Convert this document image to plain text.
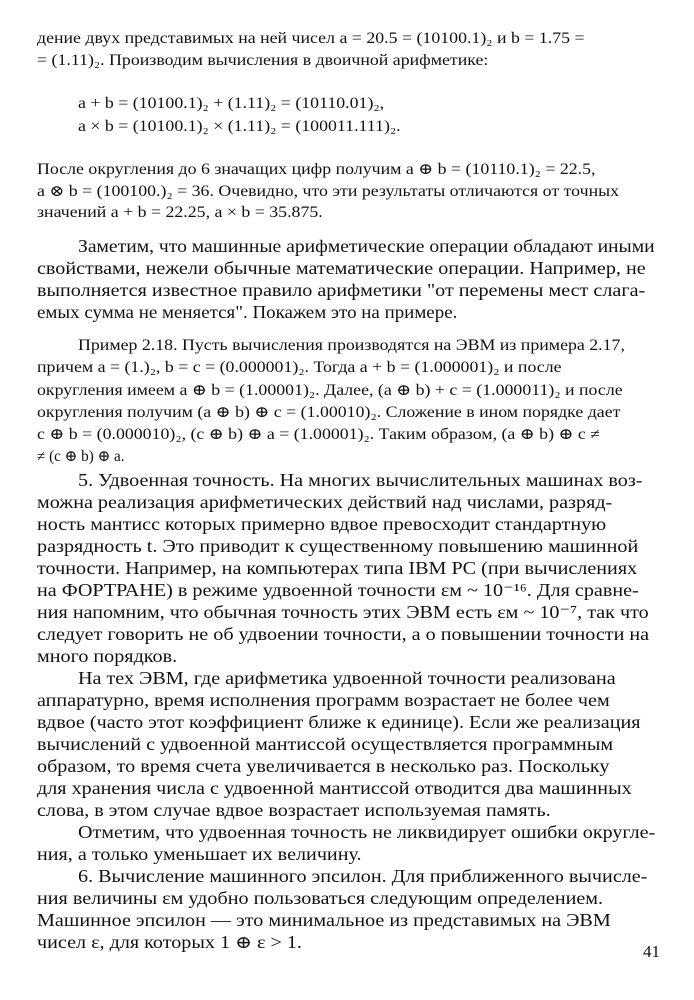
дение двух представимых на ней чисел a = 20.5 = (10100.1)₂ и b = 1.75 =

= (1.11)₂. Производим вычисления в двоичной арифметике:

a + b = (10100.1)₂ + (1.11)₂ = (10110.01)₂,

a × b = (10100.1)₂ × (1.11)₂ = (100011.111)₂.

После округления до 6 значащих цифр получим a ⊕ b = (10110.1)₂ = 22.5,

a ⊗ b = (100100.)₂ = 36. Очевидно, что эти результаты отличаются от точных

значений a + b = 22.25, a × b = 35.875.

Заметим, что машинные арифметические операции обладают иными

свойствами, нежели обычные математические операции. Например, не

выполняется известное правило арифметики "от перемены мест слага-

емых сумма не меняется". Покажем это на примере.

Пример 2.18. Пусть вычисления производятся на ЭВМ из примера 2.17,

причем a = (1.)₂, b = c = (0.000001)₂. Тогда a + b = (1.000001)₂ и после

округления имеем a ⊕ b = (1.00001)₂. Далее, (a ⊕ b) + c = (1.000011)₂ и после

округления получим (a ⊕ b) ⊕ c = (1.00010)₂. Сложение в ином порядке дает

c ⊕ b = (0.000010)₂, (c ⊕ b) ⊕ a = (1.00001)₂. Таким образом, (a ⊕ b) ⊕ c ≠

≠ (c ⊕ b) ⊕ a.

5. Удвоенная точность. На многих вычислительных машинах воз-

можна реализация арифметических действий над числами, разряд-

ность мантисс которых примерно вдвое превосходит стандартную

разрядность t. Это приводит к существенному повышению машинной

точности. Например, на компьютерах типа IBM PC (при вычислениях

на ФОРТРАНЕ) в режиме удвоенной точности εм ~ 10⁻¹⁶. Для сравне-

ния напомним, что обычная точность этих ЭВМ есть εм ~ 10⁻⁷, так что

следует говорить не об удвоении точности, а о повышении точности на

много порядков.

На тех ЭВМ, где арифметика удвоенной точности реализована

аппаратурно, время исполнения программ возрастает не более чем

вдвое (часто этот коэффициент ближе к единице). Если же реализация

вычислений с удвоенной мантиссой осуществляется программным

образом, то время счета увеличивается в несколько раз. Поскольку

для хранения числа с удвоенной мантиссой отводится два машинных

слова, в этом случае вдвое возрастает используемая память.

Отметим, что удвоенная точность не ликвидирует ошибки округле-

ния, а только уменьшает их величину.

6. Вычисление машинного эпсилон. Для приближенного вычисле-

ния величины εм удобно пользоваться следующим определением.

Машинное эпсилон — это минимальное из представимых на ЭВМ

чисел ε, для которых 1 ⊕ ε > 1.	41
